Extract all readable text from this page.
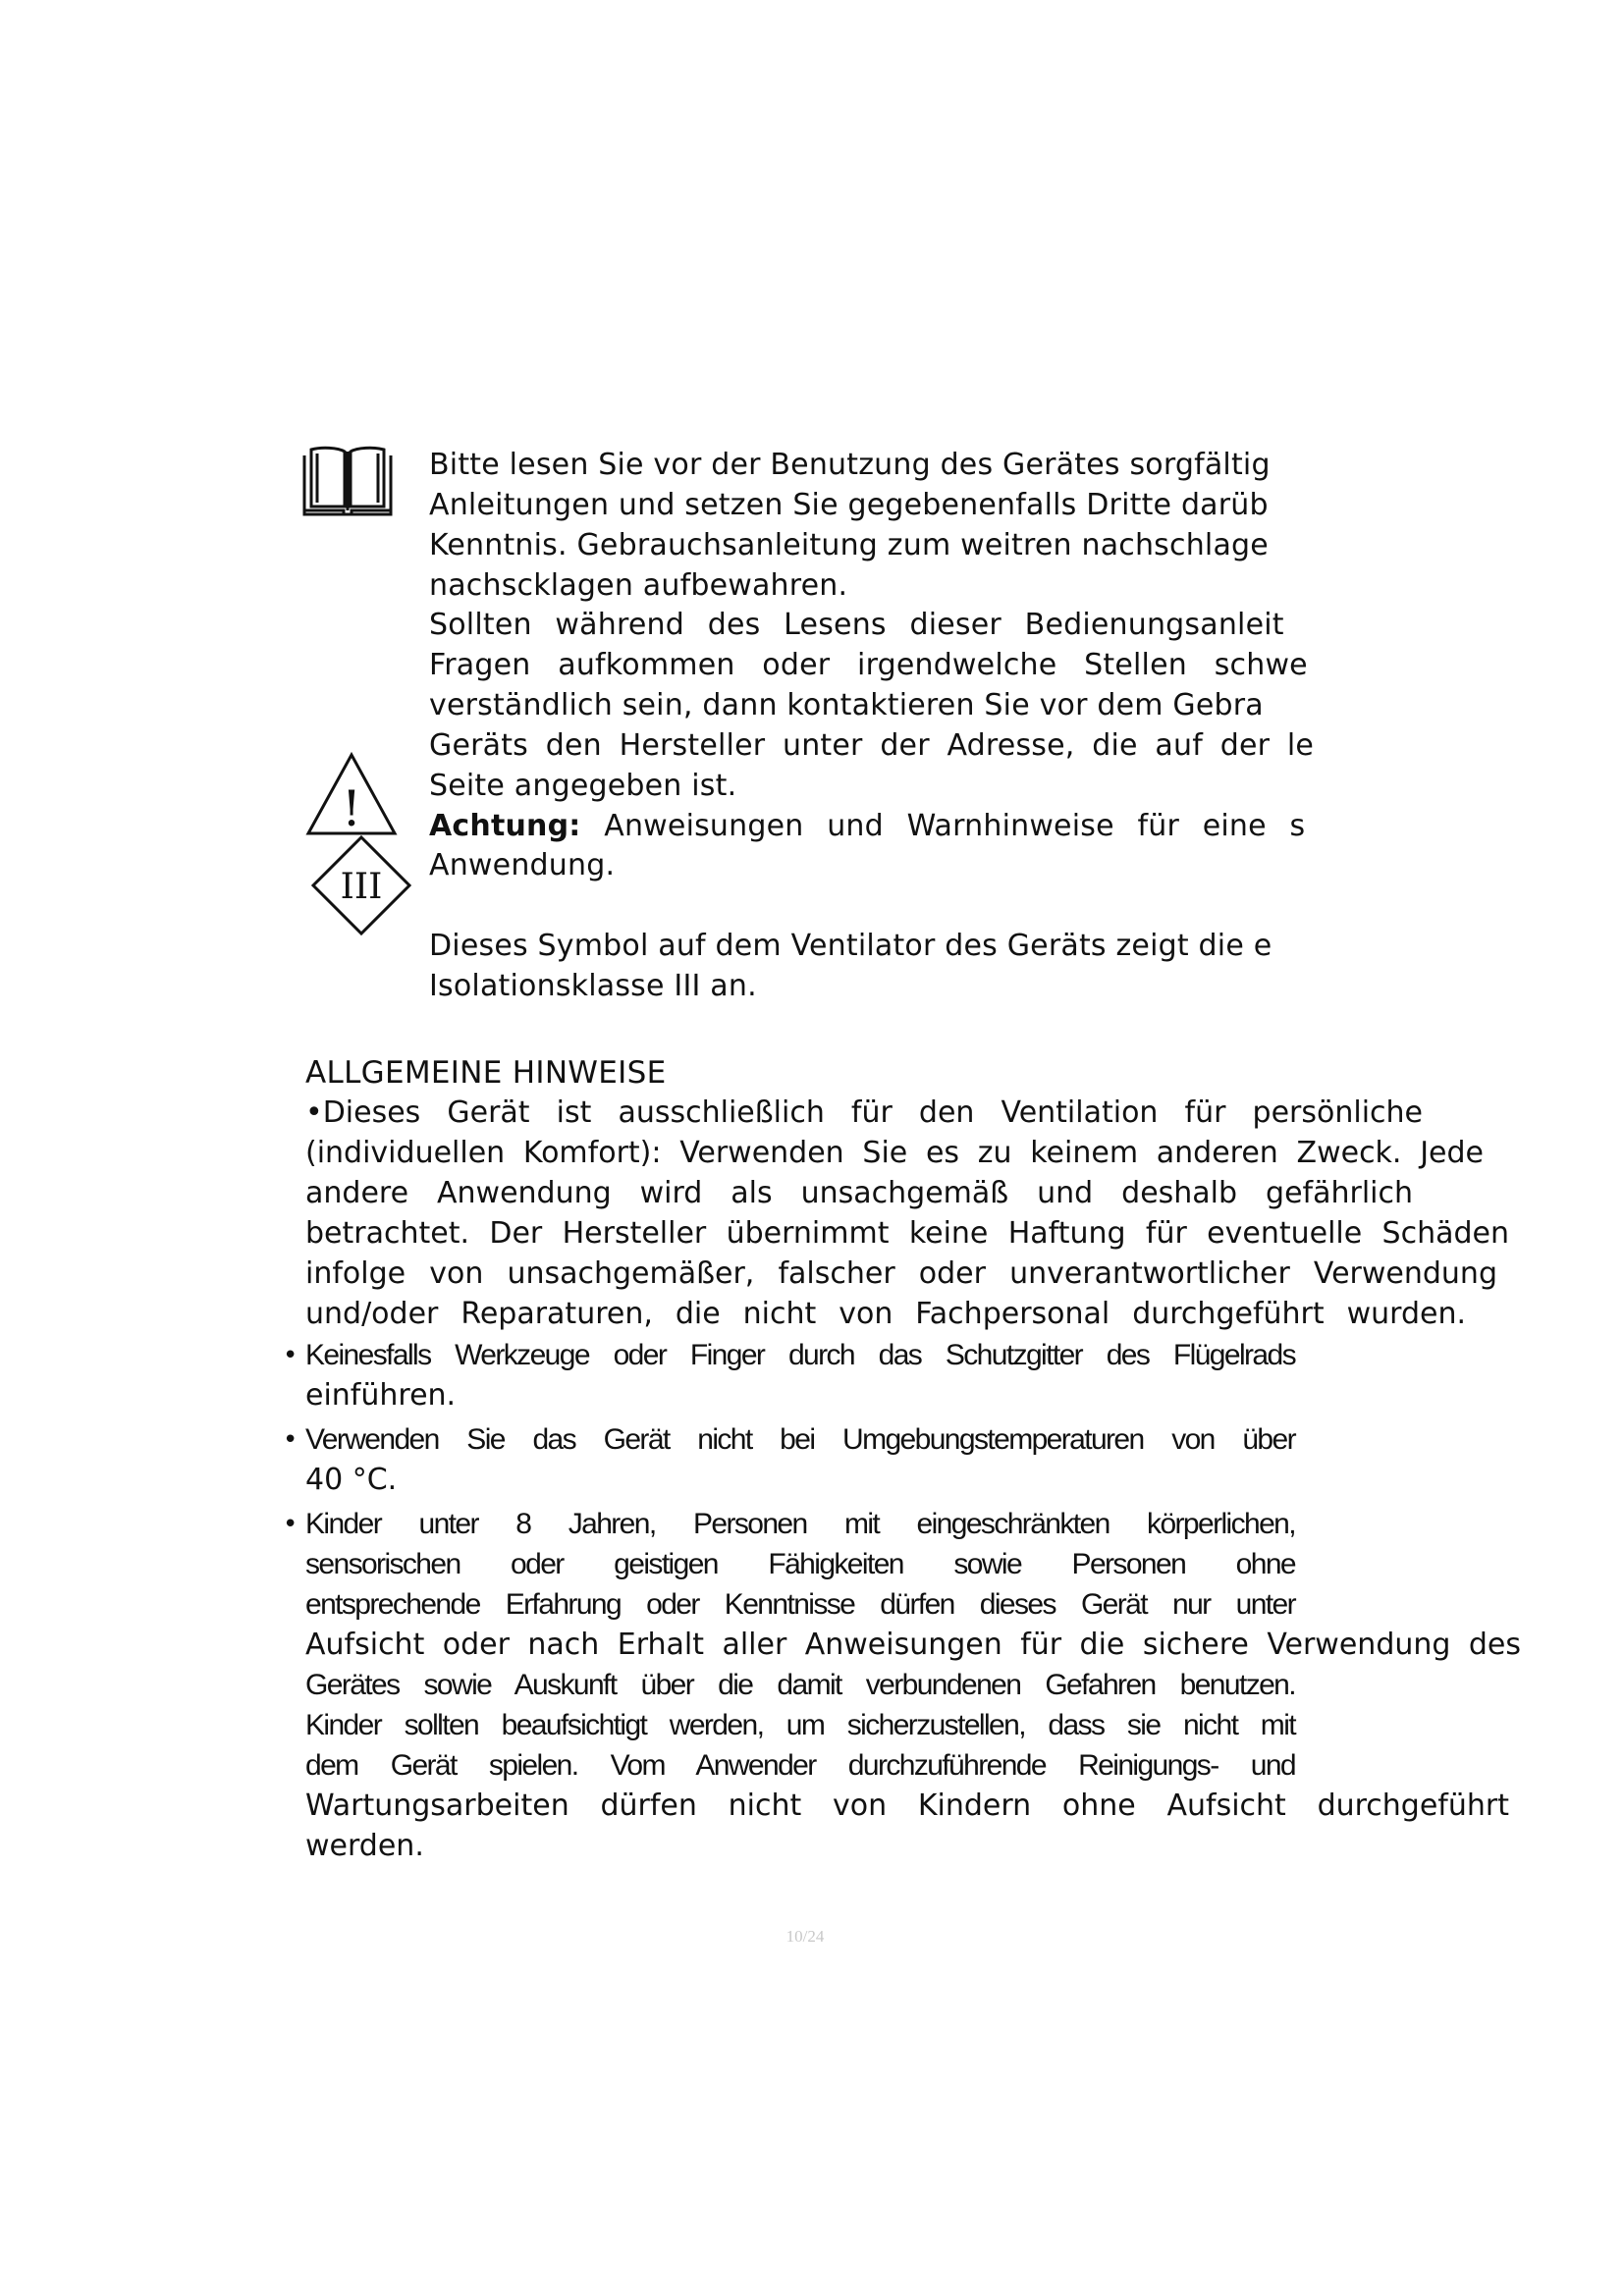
!
III
Bitte lesen Sie vor der Benutzung des Gerätes sorgfältig
Anleitungen und setzen Sie gegebenenfalls Dritte darüb
Kenntnis. Gebrauchsanleitung zum weitren nachschlage
nachscklagen aufbewahren.
Sollten während des Lesens dieser Bedienungsanleit
Fragen aufkommen oder irgendwelche Stellen schwe
verständlich sein, dann kontaktieren Sie vor dem Gebra
Geräts den Hersteller unter der Adresse, die auf der le
Seite angegeben ist.
Achtung: Anweisungen und Warnhinweise für eine s
Anwendung.
Dieses Symbol auf dem Ventilator des Geräts zeigt die e
Isolationsklasse III an.
ALLGEMEINE HINWEISE
•Dieses Gerät ist ausschließlich für den Ventilation für persönliche
(individuellen Komfort): Verwenden Sie es zu keinem anderen Zweck. Jede
andere Anwendung wird als unsachgemäß und deshalb gefährlich
betrachtet. Der Hersteller übernimmt keine Haftung für eventuelle Schäden
infolge von unsachgemäßer, falscher oder unverantwortlicher Verwendung
und/oder Reparaturen, die nicht von Fachpersonal durchgeführt wurden.
• Keinesfalls Werkzeuge oder Finger durch das Schutzgitter des Flügelrads
einführen.
• Verwenden Sie das Gerät nicht bei Umgebungstemperaturen von über
40 °C.
• Kinder unter 8 Jahren, Personen mit eingeschränkten körperlichen,
sensorischen oder geistigen Fähigkeiten sowie Personen ohne
entsprechende Erfahrung oder Kenntnisse dürfen dieses Gerät nur unter
Aufsicht oder nach Erhalt aller Anweisungen für die sichere Verwendung des
Gerätes sowie Auskunft über die damit verbundenen Gefahren benutzen.
Kinder sollten beaufsichtigt werden, um sicherzustellen, dass sie nicht mit
dem Gerät spielen. Vom Anwender durchzuführende Reinigungs- und
Wartungsarbeiten dürfen nicht von Kindern ohne Aufsicht durchgeführt
werden.
10/24
